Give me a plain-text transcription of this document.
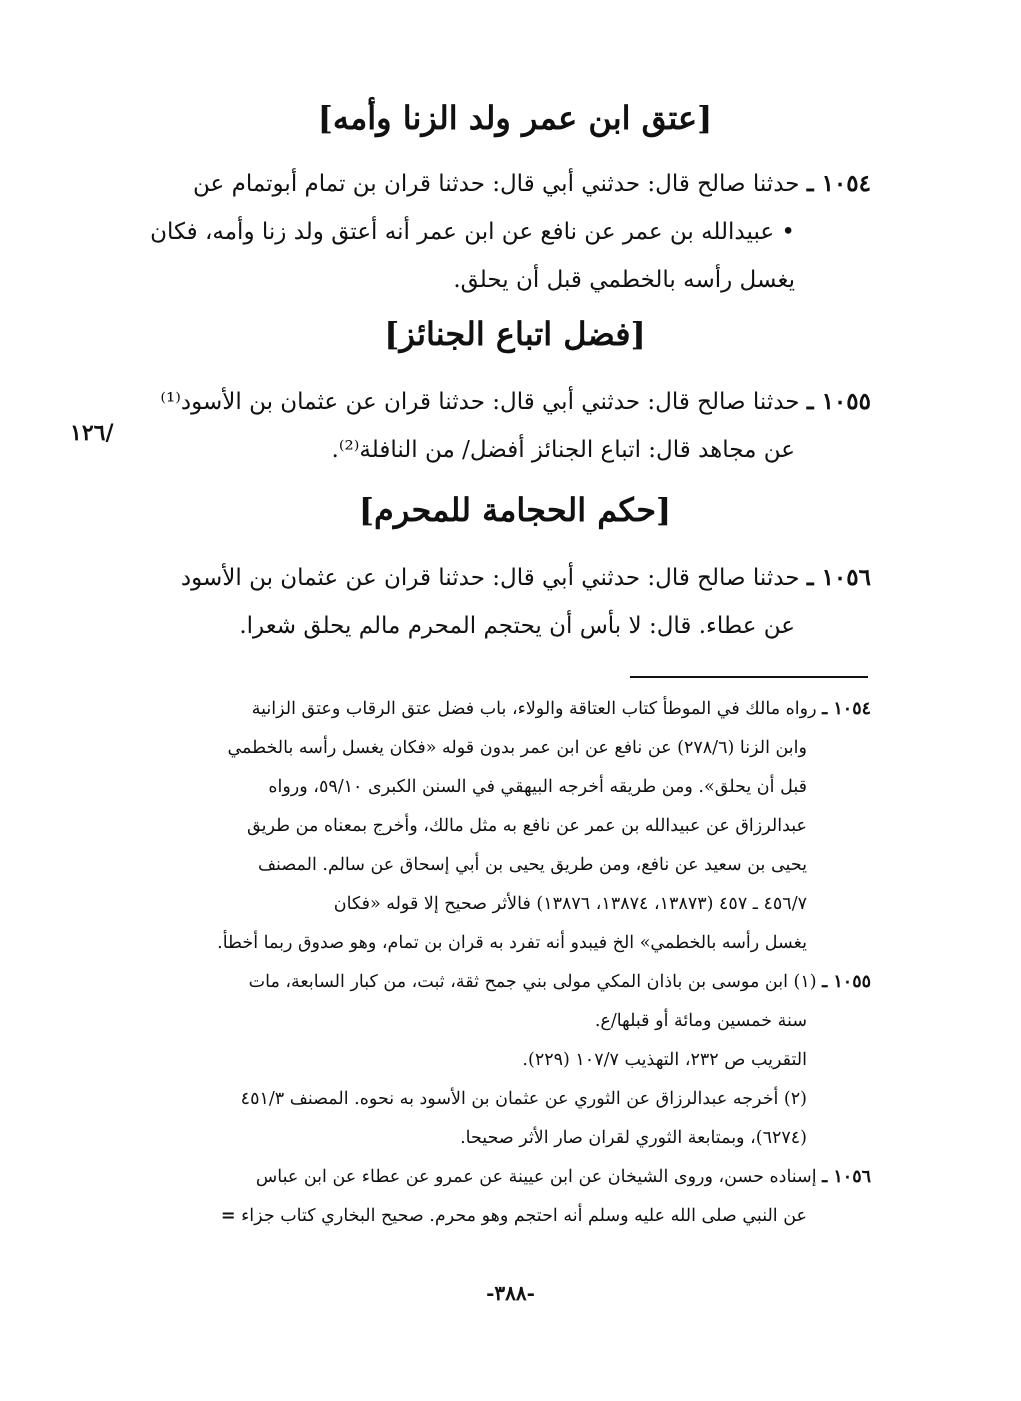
[عتق ابن عمر ولد الزنا وأمه]
١٠٥٤ ـ حدثنا صالح قال: حدثني أبي قال: حدثنا قران بن تمام أبوتمام عن
• عبيدالله بن عمر عن نافع عن ابن عمر أنه أعتق ولد زنا وأمه، فكان
يغسل رأسه بالخطمي قبل أن يحلق.
[فضل اتباع الجنائز]
١٠٥٥ ـ حدثنا صالح قال: حدثني أبي قال: حدثنا قران عن عثمان بن الأسود⁽¹⁾
عن مجاهد قال: اتباع الجنائز أفضل/ من النافلة⁽²⁾.
/١٢٦
[حكم الحجامة للمحرم]
١٠٥٦ ـ حدثنا صالح قال: حدثني أبي قال: حدثنا قران عن عثمان بن الأسود
عن عطاء. قال: لا بأس أن يحتجم المحرم مالم يحلق شعرا.
١٠٥٤ ـ رواه مالك في الموطأ كتاب العتاقة والولاء، باب فضل عتق الرقاب وعتق الزانية
وابن الزنا (٢٧٨/٦) عن نافع عن ابن عمر بدون قوله «فكان يغسل رأسه بالخطمي
قبل أن يحلق». ومن طريقه أخرجه البيهقي في السنن الكبرى ٥٩/١٠، ورواه
عبدالرزاق عن عبيدالله بن عمر عن نافع به مثل مالك، وأخرج بمعناه من طريق
يحيى بن سعيد عن نافع، ومن طريق يحيى بن أبي إسحاق عن سالم. المصنف
٤٥٦/٧ ـ ٤٥٧ (١٣٨٧٣، ١٣٨٧٤، ١٣٨٧٦) فالأثر صحيح إلا قوله «فكان
يغسل رأسه بالخطمي» الخ فيبدو أنه تفرد به قران بن تمام، وهو صدوق ربما أخطأ.
١٠٥٥ ـ (١) ابن موسى بن باذان المكي مولى بني جمح ثقة، ثبت، من كبار السابعة، مات
سنة خمسين ومائة أو قبلها/ع.
التقريب ص ٢٣٢، التهذيب ١٠٧/٧ (٢٢٩).
(٢) أخرجه عبدالرزاق عن الثوري عن عثمان بن الأسود به نحوه. المصنف ٤٥١/٣
(٦٢٧٤)، وبمتابعة الثوري لقران صار الأثر صحيحا.
١٠٥٦ ـ إسناده حسن، وروى الشيخان عن ابن عيينة عن عمرو عن عطاء عن ابن عباس
عن النبي صلى الله عليه وسلم أنه احتجم وهو محرم. صحيح البخاري كتاب جزاء =
-٣٨٨-
